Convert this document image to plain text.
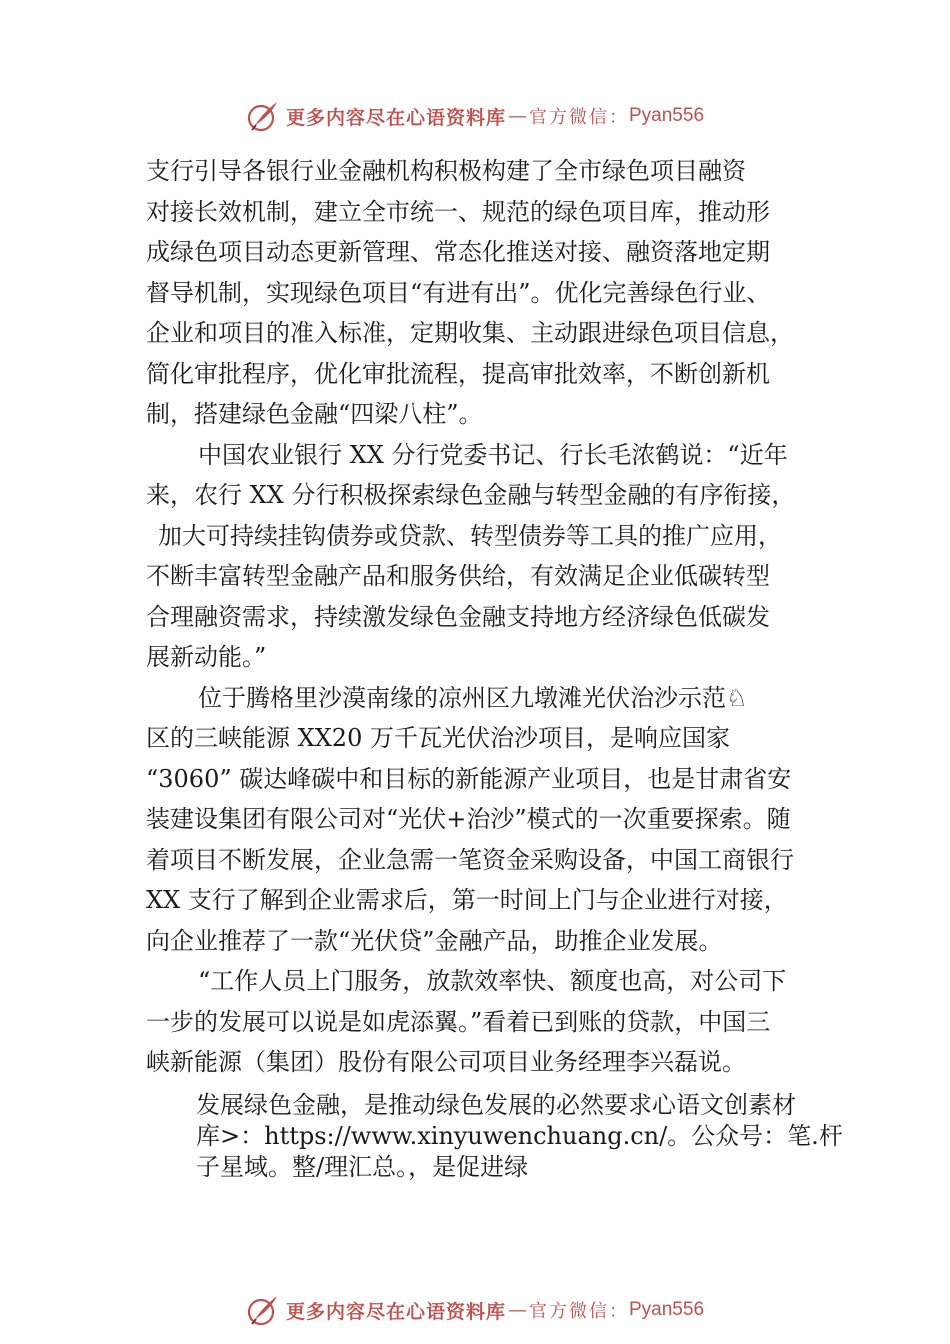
更多内容尽在心语资料库 — 官方微信： Pyan556
支行引导各银行业金融机构积极构建了全市绿色项目融资
对接长效机制，建立全市统一、规范的绿色项目库，推动形
成绿色项目动态更新管理、常态化推送对接、融资落地定期
督导机制，实现绿色项目“有进有出”。优化完善绿色行业、
企业和项目的准入标准，定期收集、主动跟进绿色项目信息，
简化审批程序，优化审批流程，提高审批效率，不断创新机
制，搭建绿色金融“四梁八柱”。
中国农业银行 XX 分行党委书记、行长毛浓鹤说：“近年
来，农行 XX 分行积极探索绿色金融与转型金融的有序衔接，
加大可持续挂钩债券或贷款、转型债券等工具的推广应用，
不断丰富转型金融产品和服务供给，有效满足企业低碳转型
合理融资需求，持续激发绿色金融支持地方经济绿色低碳发
展新动能。”
位于腾格里沙漠南缘的凉州区九墩滩光伏治沙示范♘
区的三峡能源 XX20 万千瓦光伏治沙项目，是响应国家
“3060” 碳达峰碳中和目标的新能源产业项目，也是甘肃省安
装建设集团有限公司对“光伏+治沙”模式的一次重要探索。随
着项目不断发展，企业急需一笔资金采购设备，中国工商银行
XX 支行了解到企业需求后，第一时间上门与企业进行对接，
向企业推荐了一款“光伏贷”金融产品，助推企业发展。
“工作人员上门服务，放款效率快、额度也高，对公司下
一步的发展可以说是如虎添翼。”看着已到账的贷款，中国三
峡新能源（集团）股份有限公司项目业务经理李兴磊说。
发展绿色金融，是推动绿色发展的必然要求心语文创素材
库>：https://www.xinyuwenchuang.cn/。公众号：笔.杆
子星域。整/理汇总。，是促进绿
更多内容尽在心语资料库 — 官方微信： Pyan556
